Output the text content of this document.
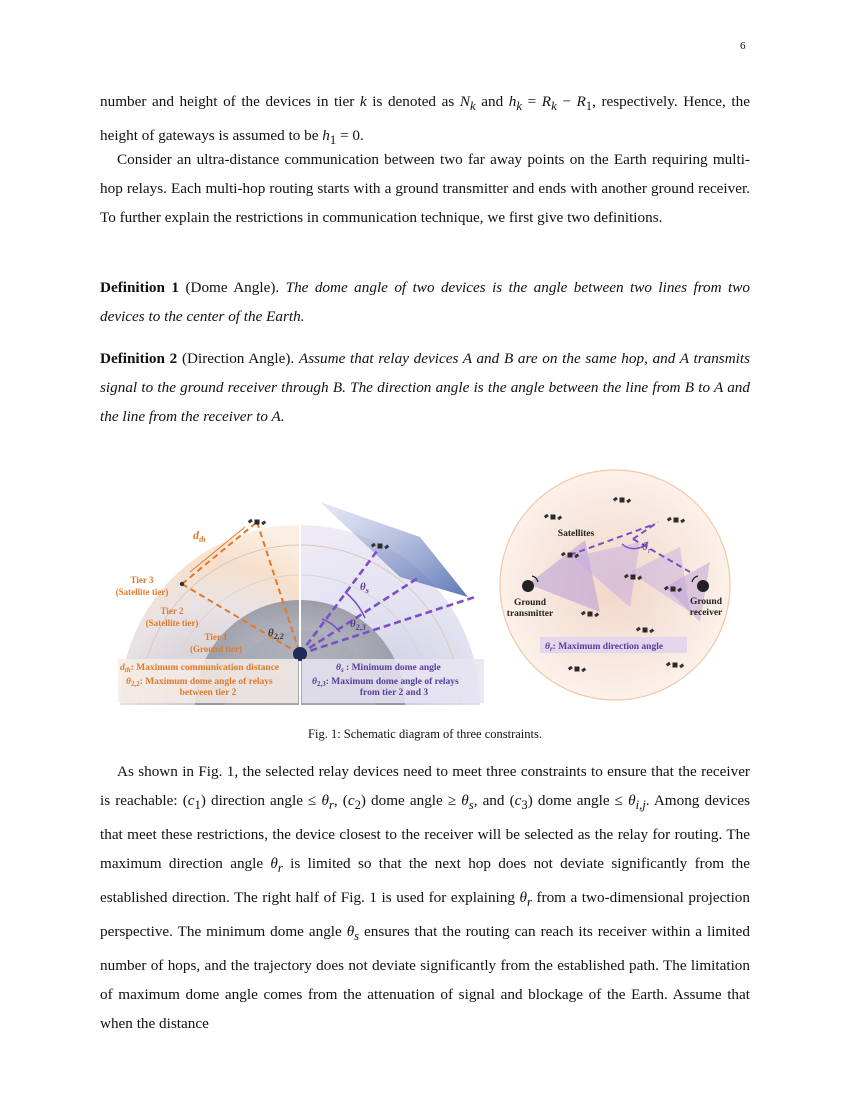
6

number and height of the devices in tier k is denoted as $N_k$ and $h_k = R_k - R_1$, respectively. Hence, the height of gateways is assumed to be $h_1 = 0$.

Consider an ultra-distance communication between two far away points on the Earth requiring multi-hop relays. Each multi-hop routing starts with a ground transmitter and ends with another ground receiver. To further explain the restrictions in communication technique, we first give two definitions.

Definition 1 (Dome Angle). The dome angle of two devices is the angle between two lines from two devices to the center of the Earth.

Definition 2 (Direction Angle). Assume that relay devices A and B are on the same hop, and A transmits signal to the ground receiver through B. The direction angle is the angle between the line from B to A and the line from the receiver to A.

$d_{th}$
Tier 3
(Satellite tier)
Tier 2
(Satellite tier)
Tier 1
(Ground tier)
$\theta_{2,2}$
$\theta_s$
$\theta_{2,3}$
$d_{th}$: Maximum communication distance
$\theta_{2,2}$: Maximum dome angle of relays
between tier 2
$\theta_s$ : Minimum dome angle
$\theta_{2,3}$: Maximum dome angle of relays
from tier 2 and 3
Satellites
Ground
transmitter
Ground
receiver
$\theta_r$
$\theta_r$: Maximum direction angle
Fig. 1: Schematic diagram of three constraints.

As shown in Fig. 1, the selected relay devices need to meet three constraints to ensure that the receiver is reachable: $(c_1)$ direction angle ≤ $\theta_r$, $(c_2)$ dome angle ≥ $\theta_s$, and $(c_3)$ dome angle ≤ $\theta_{i,j}$. Among devices that meet these restrictions, the device closest to the receiver will be selected as the relay for routing. The maximum direction angle $\theta_r$ is limited so that the next hop does not deviate significantly from the established direction. The right half of Fig. 1 is used for explaining $\theta_r$ from a two-dimensional projection perspective. The minimum dome angle $\theta_s$ ensures that the routing can reach its receiver within a limited number of hops, and the trajectory does not deviate significantly from the established path. The limitation of maximum dome angle comes from the attenuation of signal and blockage of the Earth. Assume that when the distance
